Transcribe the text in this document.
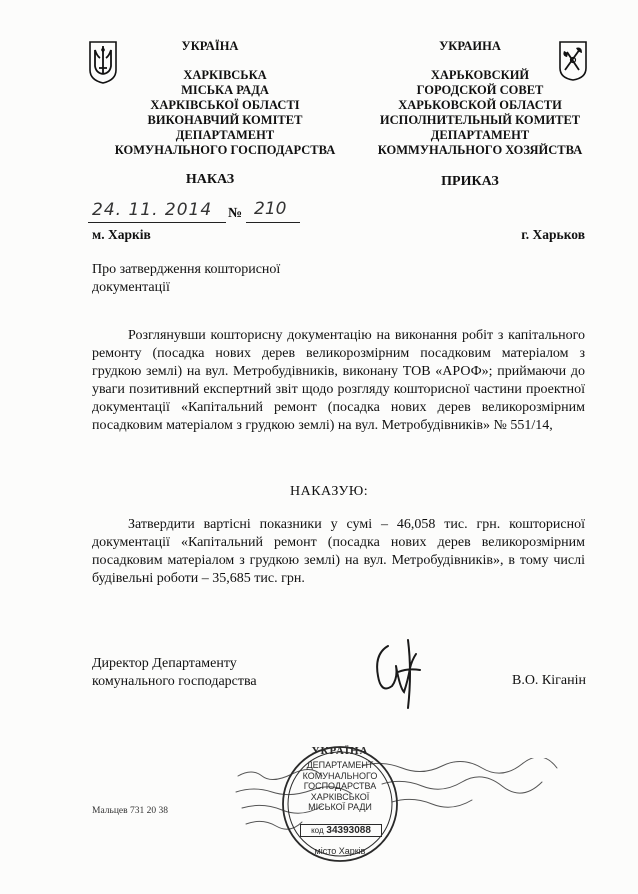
УКРАЇНА
ХАРКІВСЬКА
МІСЬКА РАДА
ХАРКІВСЬКОЇ ОБЛАСТІ
ВИКОНАВЧИЙ КОМІТЕТ
ДЕПАРТАМЕНТ
КОМУНАЛЬНОГО ГОСПОДАРСТВА
НАКАЗ
УКРАИНА
ХАРЬКОВСКИЙ
ГОРОДСКОЙ СОВЕТ
ХАРЬКОВСКОЙ ОБЛАСТИ
ИСПОЛНИТЕЛЬНЫЙ КОМИТЕТ
ДЕПАРТАМЕНТ
КОММУНАЛЬНОГО ХОЗЯЙСТВА
ПРИКАЗ
24. 11. 2014 № 210
м. Харків	г. Харьков
Про затвердження кошторисної
документації
Розглянувши кошторисну документацію на виконання робіт з капітального ремонту (посадка нових дерев великорозмірним посадковим матеріалом з грудкою землі) на вул. Метробудівників, виконану ТОВ «АРОФ»; приймаючи до уваги позитивний експертний звіт щодо розгляду кошторисної частини проектної документації «Капітальний ремонт (посадка нових дерев великорозмірним посадковим матеріалом з грудкою землі) на вул. Метробудівників» № 551/14,
НАКАЗУЮ:
Затвердити вартісні показники у сумі – 46,058 тис. грн. кошторисної документації «Капітальний ремонт (посадка нових дерев великорозмірним посадковим матеріалом з грудкою землі) на вул. Метробудівників», в тому числі будівельні роботи – 35,685 тис. грн.
Директор Департаменту
комунального господарства	В.О. Кіганін
УКРАЇНА
ДЕПАРТАМЕНТ
КОМУНАЛЬНОГО
ГОСПОДАРСТВА
ХАРКІВСЬКОЇ
МІСЬКОЇ РАДИ
код 34393088
місто Харків
Мальцев 731 20 38
